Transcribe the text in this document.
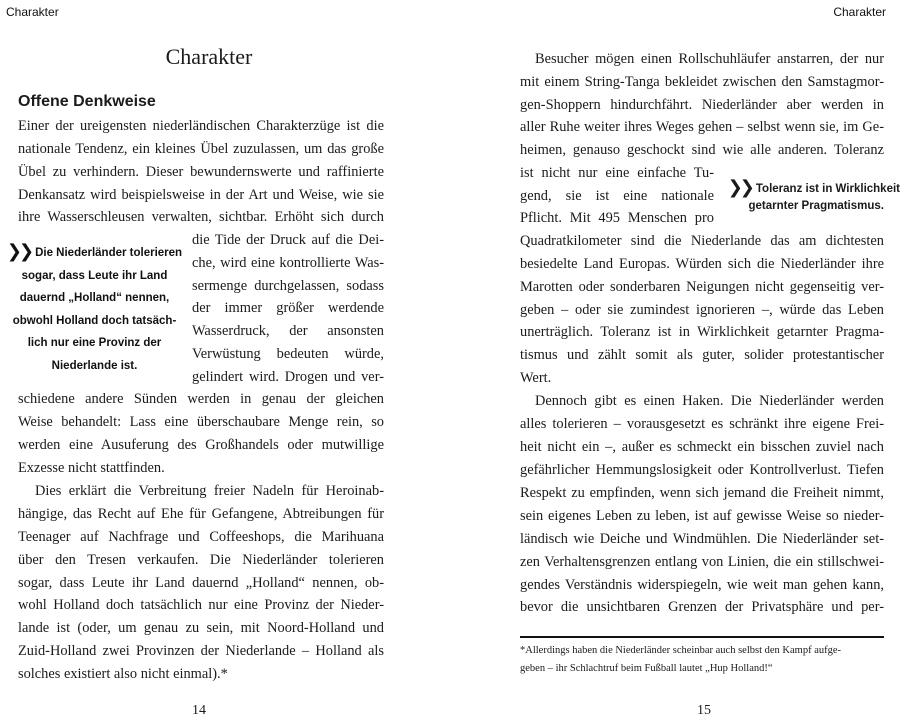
Charakter
Charakter
Offene Denkweise
Einer der ureigensten niederländischen Charakterzüge ist die
nationale Tendenz, ein kleines Übel zuzulassen, um das große
Übel zu verhindern. Dieser bewundernswerte und raffinierte
Denkansatz wird beispielsweise in der Art und Weise, wie sie
ihre Wasserschleusen verwalten, sichtbar. Erhöht sich durch
die Tide der Druck auf die Dei-
che, wird eine kontrollierte Was-
sermenge durchgelassen, sodass
der immer größer werdende
Wasserdruck, der ansonsten
Verwüstung bedeuten würde,
gelindert wird. Drogen und ver-
schiedene andere Sünden werden in genau der gleichen
Weise behandelt: Lass eine überschaubare Menge rein, so
werden eine Ausuferung des Großhandels oder mutwillige
Exzesse nicht stattfinden.
Dies erklärt die Verbreitung freier Nadeln für Heroinab-
hängige, das Recht auf Ehe für Gefangene, Abtreibungen für
Teenager auf Nachfrage und Coffeeshops, die Marihuana
über den Tresen verkaufen. Die Niederländer tolerieren
sogar, dass Leute ihr Land dauernd „Holland“ nennen, ob-
wohl Holland doch tatsächlich nur eine Provinz der Nieder-
lande ist (oder, um genau zu sein, mit Noord-Holland und
Zuid-Holland zwei Provinzen der Niederlande – Holland als
solches existiert also nicht einmal).*
❯❯ Die Niederländer tolerieren
sogar, dass Leute ihr Land
dauernd „Holland“ nennen,
obwohl Holland doch tatsäch-
lich nur eine Provinz der
Niederlande ist.
14
Charakter
15
Besucher mögen einen Rollschuhläufer anstarren, der nur
mit einem String-Tanga bekleidet zwischen den Samstagmor-
gen-Shoppern hindurchfährt. Niederländer aber werden in
aller Ruhe weiter ihres Weges gehen – selbst wenn sie, im Ge-
heimen, genauso geschockt sind wie alle anderen. Toleranz
ist nicht nur eine einfache Tu-
gend, sie ist eine nationale
Pflicht. Mit 495 Menschen pro
Quadratkilometer sind die Niederlande das am dichtesten
besiedelte Land Europas. Würden sich die Niederländer ihre
Marotten oder sonderbaren Neigungen nicht gegenseitig ver-
geben – oder sie zumindest ignorieren –, würde das Leben
unerträglich. Toleranz ist in Wirklichkeit getarnter Pragma-
tismus und zählt somit als guter, solider protestantischer
Wert.
Dennoch gibt es einen Haken. Die Niederländer werden
alles tolerieren – vorausgesetzt es schränkt ihre eigene Frei-
heit nicht ein –, außer es schmeckt ein bisschen zuviel nach
gefährlicher Hemmungslosigkeit oder Kontrollverlust. Tiefen
Respekt zu empfinden, wenn sich jemand die Freiheit nimmt,
sein eigenes Leben zu leben, ist auf gewisse Weise so nieder-
ländisch wie Deiche und Windmühlen. Die Niederländer set-
zen Verhaltensgrenzen entlang von Linien, die ein stillschwei-
gendes Verständnis widerspiegeln, wie weit man gehen kann,
bevor die unsichtbaren Grenzen der Privatsphäre und per-
❯❯ Toleranz ist in Wirklichkeit
getarnter Pragmatismus.
*Allerdings haben die Niederländer scheinbar auch selbst den Kampf aufge-
geben – ihr Schlachtruf beim Fußball lautet „Hup Holland!“
